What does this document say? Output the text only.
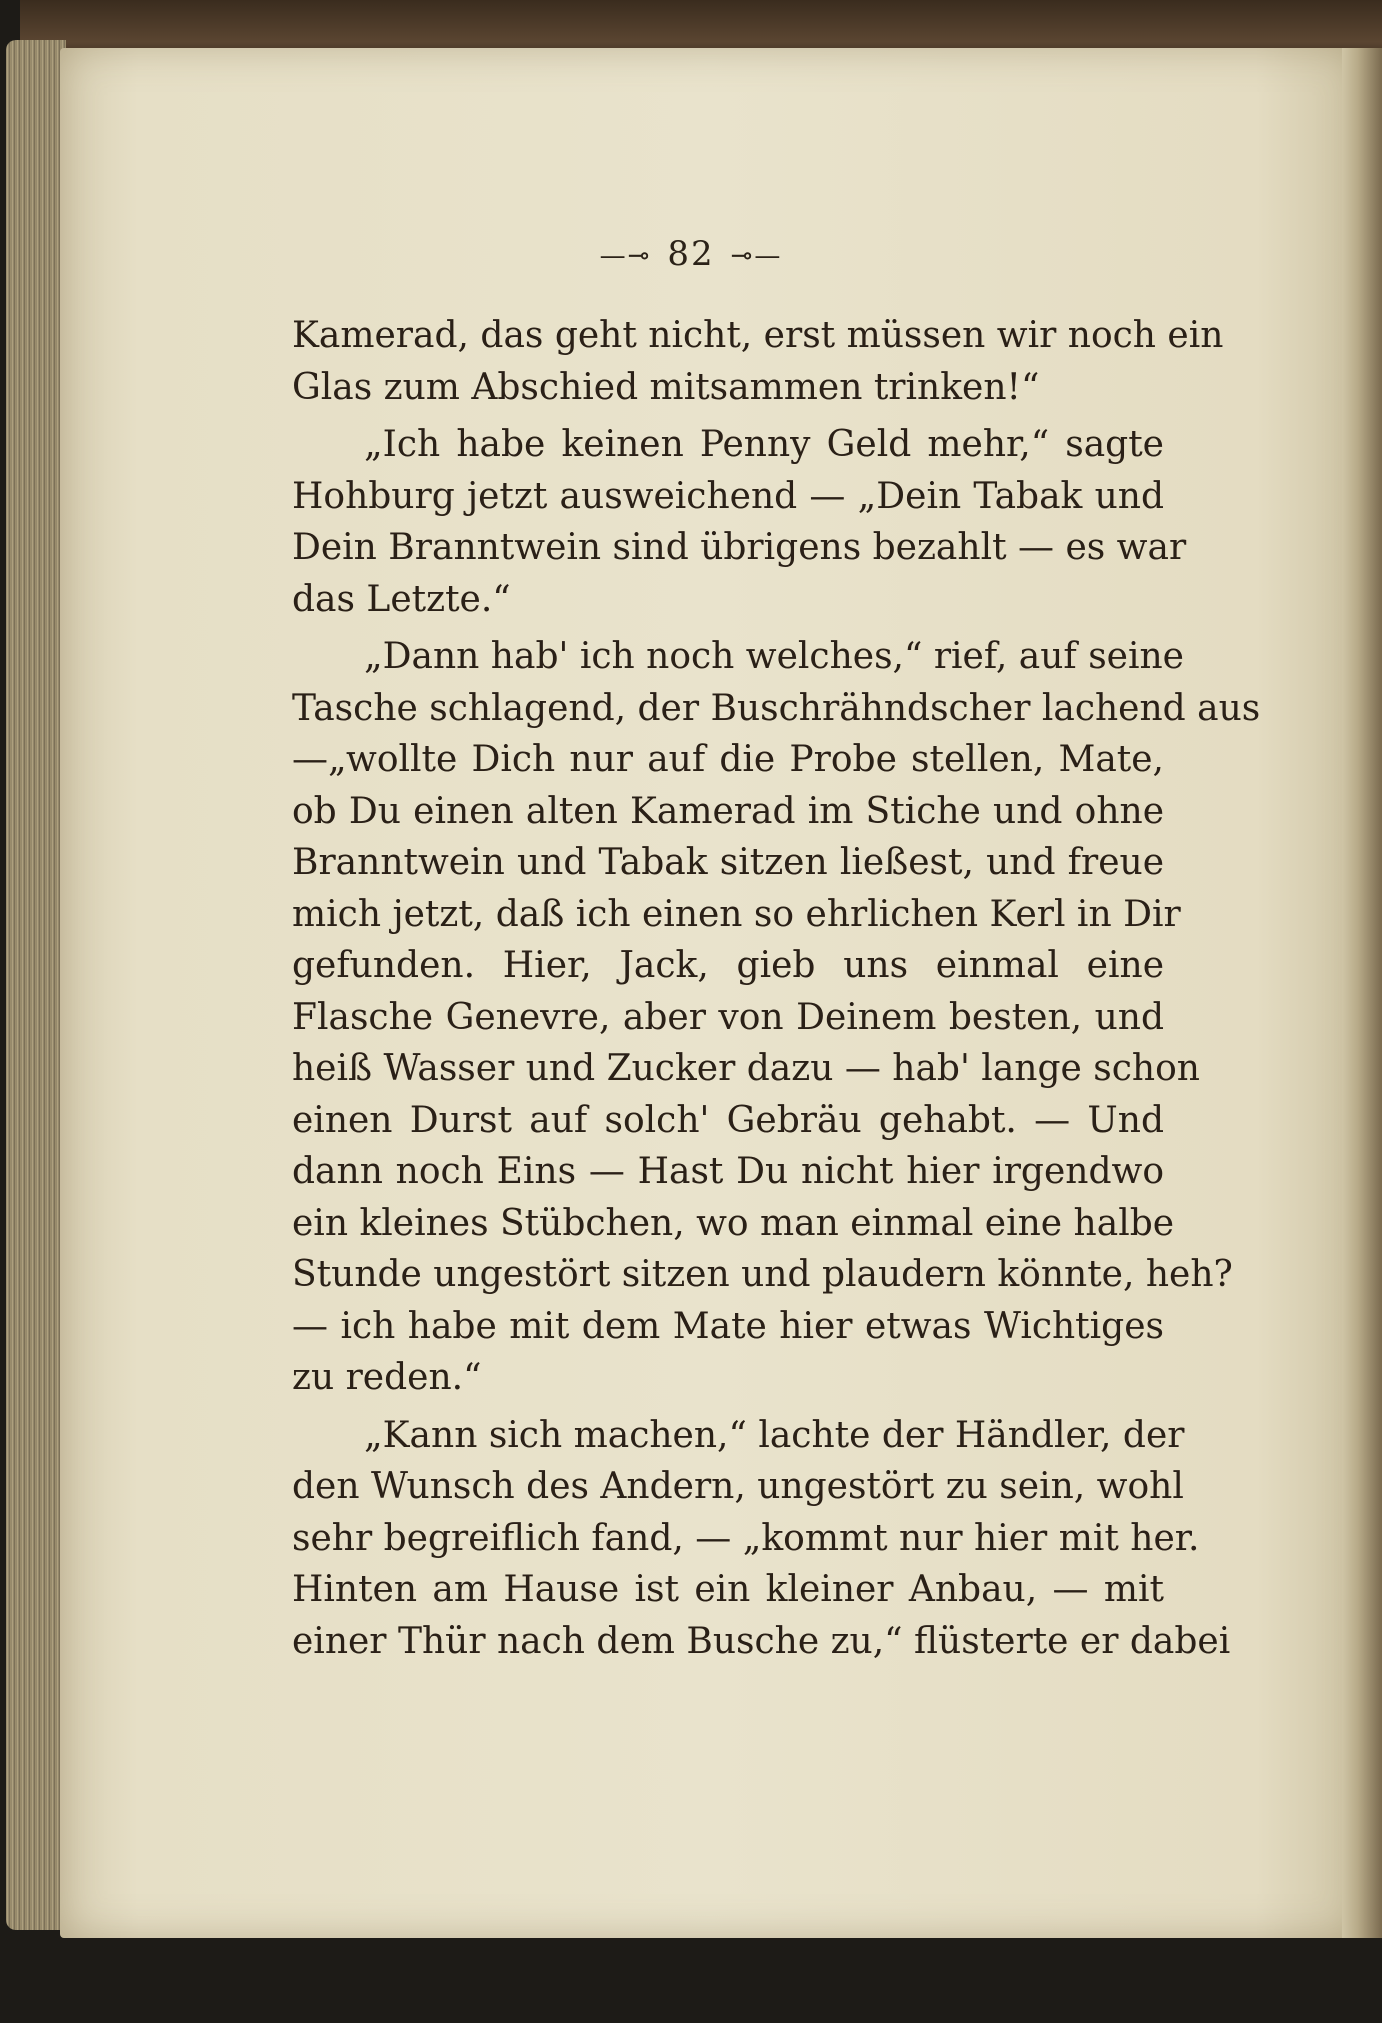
—⊸ 82 ⊸—

Kamerad, das geht nicht, erst müssen wir noch ein
Glas zum Abschied mitsammen trinken!“

„Ich habe keinen Penny Geld mehr,“ sagte
Hohburg jetzt ausweichend — „Dein Tabak und
Dein Branntwein sind übrigens bezahlt — es war
das Letzte.“

„Dann hab' ich noch welches,“ rief, auf seine
Tasche schlagend, der Buschrähndscher lachend aus
—„wollte Dich nur auf die Probe stellen, Mate,
ob Du einen alten Kamerad im Stiche und ohne
Branntwein und Tabak sitzen ließest, und freue
mich jetzt, daß ich einen so ehrlichen Kerl in Dir
gefunden. Hier, Jack, gieb uns einmal eine
Flasche Genevre, aber von Deinem besten, und
heiß Wasser und Zucker dazu — hab' lange schon
einen Durst auf solch' Gebräu gehabt. — Und
dann noch Eins — Hast Du nicht hier irgendwo
ein kleines Stübchen, wo man einmal eine halbe
Stunde ungestört sitzen und plaudern könnte, heh?
— ich habe mit dem Mate hier etwas Wichtiges
zu reden.“

„Kann sich machen,“ lachte der Händler, der
den Wunsch des Andern, ungestört zu sein, wohl
sehr begreiflich fand, — „kommt nur hier mit her.
Hinten am Hause ist ein kleiner Anbau, — mit
einer Thür nach dem Busche zu,“ flüsterte er dabei
